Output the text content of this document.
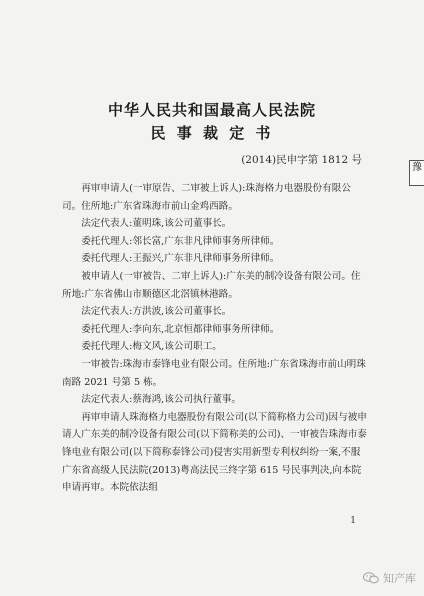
中华人民共和国最高人民法院
民 事 裁 定 书
(2014)民申字第 1812 号
豫

再审申请人(一审原告、二审被上诉人):珠海格力电器股份有限公司。住所地:广东省珠海市前山金鸡西路。

法定代表人:董明珠,该公司董事长。

委托代理人:邻长富,广东非凡律师事务所律师。

委托代理人:王振兴,广东非凡律师事务所律师。

被申请人(一审被告、二审上诉人):广东美的制冷设备有限公司。住所地:广东省佛山市顺德区北滘镇林港路。

法定代表人:方洪波,该公司董事长。

委托代理人:李向东,北京恒都律师事务所律师。

委托代理人:梅文风,该公司职工。

一审被告:珠海市泰锋电业有限公司。住所地:广东省珠海市前山明珠南路 2021 号第 5 栋。

法定代表人:蔡海鸿,该公司执行董事。

再审申请人珠海格力电器股份有限公司(以下简称格力公司)因与被申请人广东美的制冷设备有限公司(以下简称美的公司)、一审被告珠海市泰锋电业有限公司(以下简称泰锋公司)侵害实用新型专利权纠纷一案,不服广东省高级人民法院(2013)粤高法民三终字第 615 号民事判决,向本院申请再审。本院依法组

1
知产库
